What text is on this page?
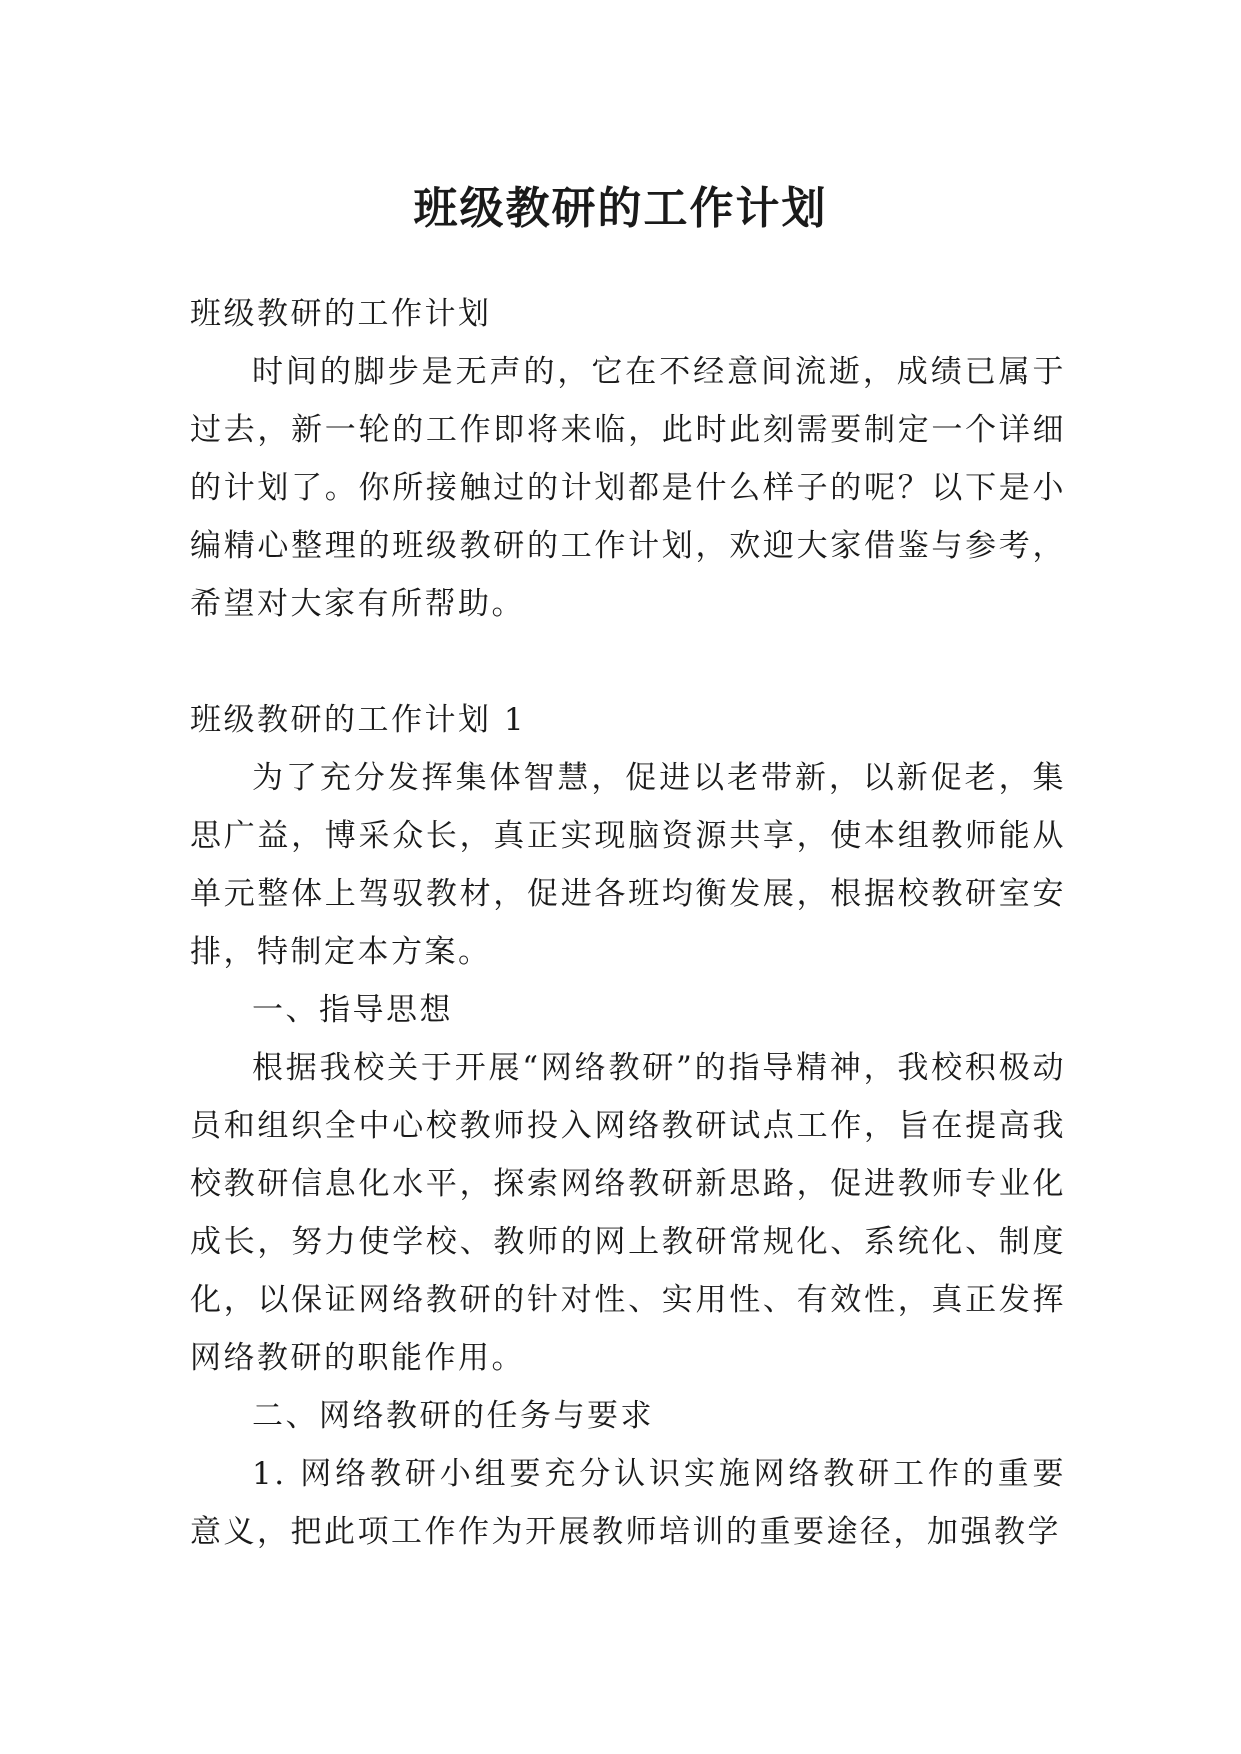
班级教研的工作计划

班级教研的工作计划

时间的脚步是无声的，它在不经意间流逝，成绩已属于过去，新一轮的工作即将来临，此时此刻需要制定一个详细的计划了。你所接触过的计划都是什么样子的呢？以下是小编精心整理的班级教研的工作计划，欢迎大家借鉴与参考，希望对大家有所帮助。

班级教研的工作计划 1

为了充分发挥集体智慧，促进以老带新，以新促老，集思广益，博采众长，真正实现脑资源共享，使本组教师能从单元整体上驾驭教材，促进各班均衡发展，根据校教研室安排，特制定本方案。

一、指导思想

根据我校关于开展“网络教研”的指导精神，我校积极动员和组织全中心校教师投入网络教研试点工作，旨在提高我校教研信息化水平，探索网络教研新思路，促进教师专业化成长，努力使学校、教师的网上教研常规化、系统化、制度化，以保证网络教研的针对性、实用性、有效性，真正发挥网络教研的职能作用。

二、网络教研的任务与要求

1. 网络教研小组要充分认识实施网络教研工作的重要意义，把此项工作作为开展教师培训的重要途径，加强教学
